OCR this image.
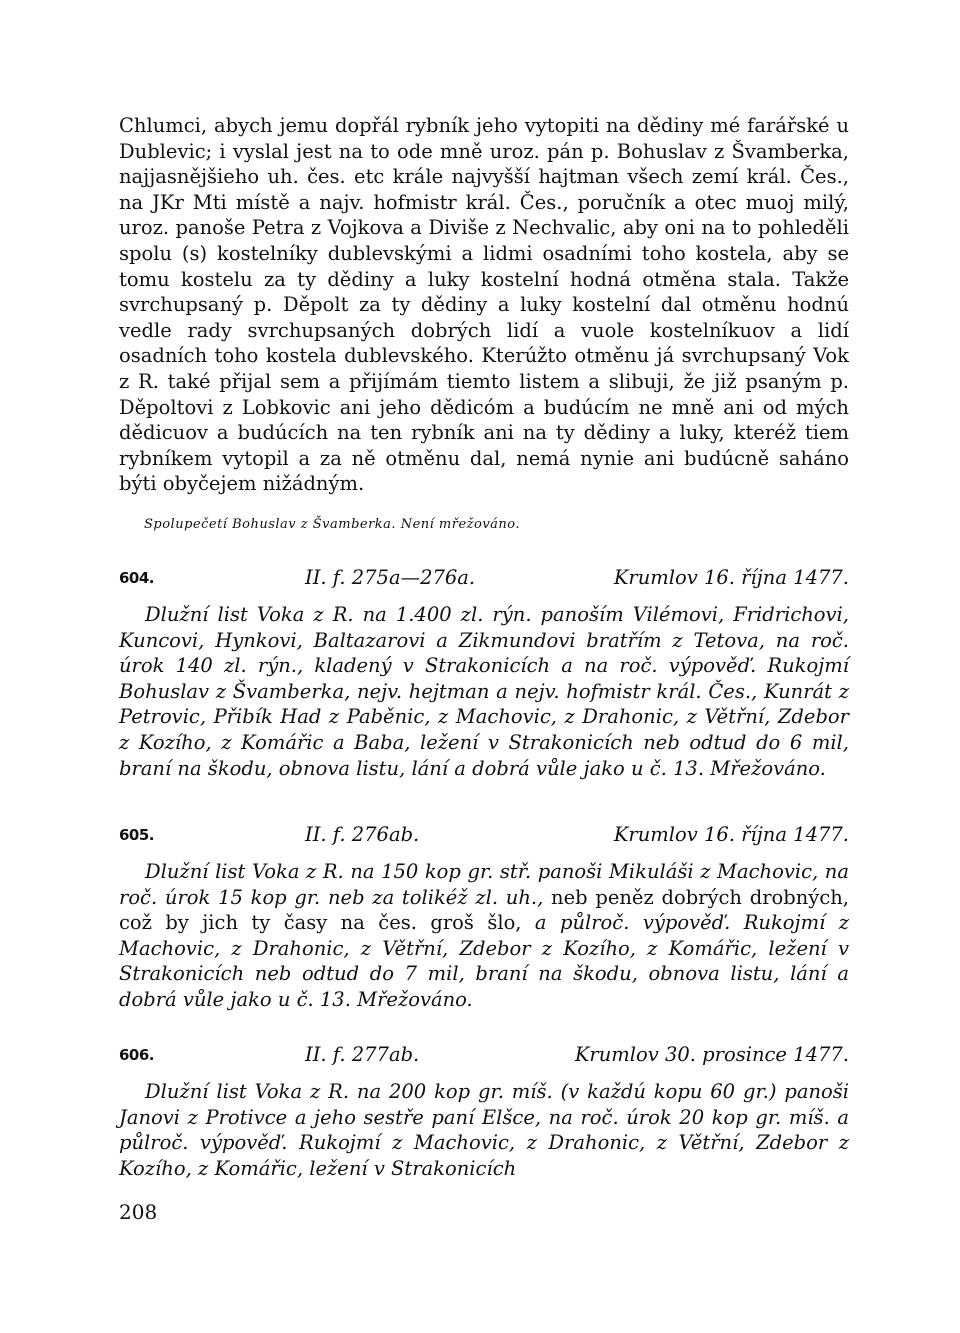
Chlumci, abych jemu dopřál rybník jeho vytopiti na dědiny mé farářské u Dublevic; i vyslal jest na to ode mně uroz. pán p. Bohuslav z Švamberka, najjasnějšieho uh. čes. etc krále najvyšší hajtman všech zemí král. Čes., na JKr Mti místě a najv. hofmistr král. Čes., poručník a otec muoj milý, uroz. panoše Petra z Vojkova a Diviše z Nechvalic, aby oni na to pohleděli spolu (s) kostelníky dublevskými a lidmi osadními toho kostela, aby se tomu kostelu za ty dědiny a luky kostelní hodná otměna stala. Takže svrchupsaný p. Děpolt za ty dědiny a luky kostelní dal otměnu hodnú vedle rady svrchupsaných dobrých lidí a vuole kostelníkuov a lidí osadních toho kostela dublevského. Kterúžto otměnu já svrchupsaný Vok z R. také přijal sem a přijímám tiemto listem a slibuji, že již psaným p. Děpoltovi z Lobkovic ani jeho dědicóm a budúcím ne mně ani od mých dědicuov a budúcích na ten rybník ani na ty dědiny a luky, kteréž tiem rybníkem vytopil a za ně otměnu dal, nemá nynie ani budúcně saháno býti obyčejem nižádným.

Spolupečetí Bohuslav z Švamberka. Není mřežováno.

604.	II. f. 275a—276a.	Krumlov 16. října 1477.

Dlužní list Voka z R. na 1.400 zl. rýn. panoším Vilémovi, Fridrichovi, Kuncovi, Hynkovi, Baltazarovi a Zikmundovi bratřím z Tetova, na roč. úrok 140 zl. rýn., kladený v Strakonicích a na roč. výpověď. Rukojmí Bohuslav z Švamberka, nejv. hejtman a nejv. hofmistr král. Čes., Kunrát z Petrovic, Přibík Had z Paběnic, z Machovic, z Drahonic, z Větřní, Zdebor z Kozího, z Komářic a Baba, ležení v Strakonicích neb odtud do 6 mil, braní na škodu, obnova listu, lání a dobrá vůle jako u č. 13. Mřežováno.

605.	II. f. 276ab.	Krumlov 16. října 1477.

Dlužní list Voka z R. na 150 kop gr. stř. panoši Mikuláši z Machovic, na roč. úrok 15 kop gr. neb za tolikéž zl. uh., neb peněz dobrých drobných, což by jich ty časy na čes. groš šlo, a půlroč. výpověď. Rukojmí z Machovic, z Drahonic, z Větřní, Zdebor z Kozího, z Komářic, ležení v Strakonicích neb odtud do 7 mil, braní na škodu, obnova listu, lání a dobrá vůle jako u č. 13. Mřežováno.

606.	II. f. 277ab.	Krumlov 30. prosince 1477.

Dlužní list Voka z R. na 200 kop gr. míš. (v každú kopu 60 gr.) panoši Janovi z Protivce a jeho sestře paní Elšce, na roč. úrok 20 kop gr. míš. a půlroč. výpověď. Rukojmí z Machovic, z Drahonic, z Větřní, Zdebor z Kozího, z Komářic, ležení v Strakonicích

208
